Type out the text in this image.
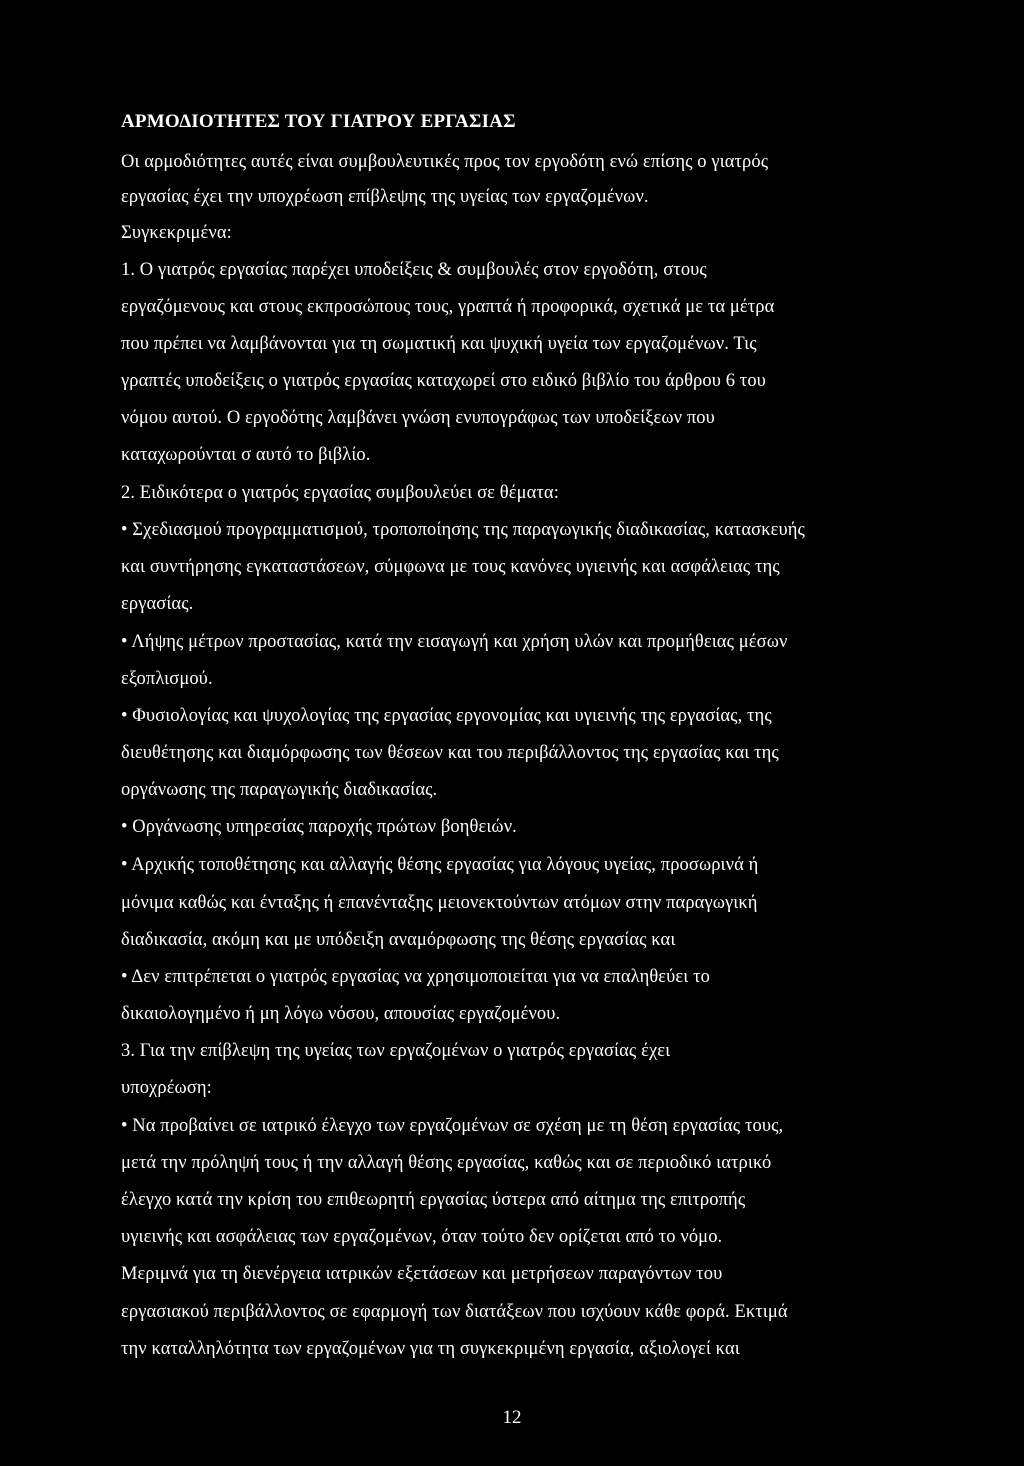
ΑΡΜΟΔΙΟΤΗΤΕΣ ΤΟΥ ΓΙΑΤΡΟΥ ΕΡΓΑΣΙΑΣ
Οι αρμοδιότητες αυτές είναι συμβουλευτικές προς τον εργοδότη ενώ επίσης ο γιατρός
εργασίας έχει την υποχρέωση επίβλεψης της υγείας των εργαζομένων.
Συγκεκριμένα:
1. Ο γιατρός εργασίας παρέχει υποδείξεις & συμβουλές στον εργοδότη, στους
εργαζόμενους και στους εκπροσώπους τους, γραπτά ή προφορικά, σχετικά με τα μέτρα
που πρέπει να λαμβάνονται για τη σωματική και ψυχική υγεία των εργαζομένων. Τις
γραπτές υποδείξεις ο γιατρός εργασίας καταχωρεί στο ειδικό βιβλίο του άρθρου 6 του
νόμου αυτού. Ο εργοδότης λαμβάνει γνώση ενυπογράφως των υποδείξεων που
καταχωρούνται σ αυτό το βιβλίο.
2. Ειδικότερα ο γιατρός εργασίας συμβουλεύει σε θέματα:
• Σχεδιασμού προγραμματισμού, τροποποίησης της παραγωγικής διαδικασίας, κατασκευής
και συντήρησης εγκαταστάσεων, σύμφωνα με τους κανόνες υγιεινής και ασφάλειας της
εργασίας.
• Λήψης μέτρων προστασίας, κατά την εισαγωγή και χρήση υλών και προμήθειας μέσων
εξοπλισμού.
• Φυσιολογίας και ψυχολογίας της εργασίας εργονομίας και υγιεινής της εργασίας, της
διευθέτησης και διαμόρφωσης των θέσεων και του περιβάλλοντος της εργασίας και της
οργάνωσης της παραγωγικής διαδικασίας.
• Οργάνωσης υπηρεσίας παροχής πρώτων βοηθειών.
• Αρχικής τοποθέτησης και αλλαγής θέσης εργασίας για λόγους υγείας, προσωρινά ή
μόνιμα καθώς και ένταξης ή επανένταξης μειονεκτούντων ατόμων στην παραγωγική
διαδικασία, ακόμη και με υπόδειξη αναμόρφωσης της θέσης εργασίας και
• Δεν επιτρέπεται ο γιατρός εργασίας να χρησιμοποιείται για να επαληθεύει το
δικαιολογημένο ή μη λόγω νόσου, απουσίας εργαζομένου.
3. Για την επίβλεψη της υγείας των εργαζομένων ο γιατρός εργασίας έχει
υποχρέωση:
• Να προβαίνει σε ιατρικό έλεγχο των εργαζομένων σε σχέση με τη θέση εργασίας τους,
μετά την πρόληψή τους ή την αλλαγή θέσης εργασίας, καθώς και σε περιοδικό ιατρικό
έλεγχο κατά την κρίση του επιθεωρητή εργασίας ύστερα από αίτημα της επιτροπής
υγιεινής και ασφάλειας των εργαζομένων, όταν τούτο δεν ορίζεται από το νόμο.
Μεριμνά για τη διενέργεια ιατρικών εξετάσεων και μετρήσεων παραγόντων του
εργασιακού περιβάλλοντος σε εφαρμογή των διατάξεων που ισχύουν κάθε φορά. Εκτιμά
την καταλληλότητα των εργαζομένων για τη συγκεκριμένη εργασία, αξιολογεί και
12
